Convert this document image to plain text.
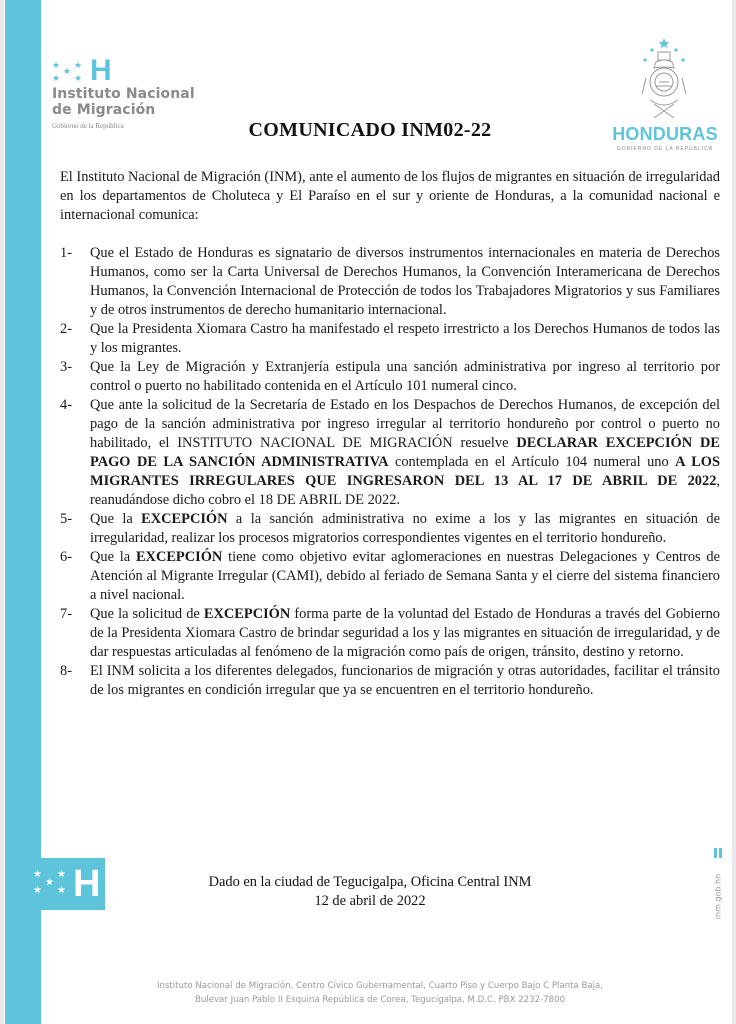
★ ★
★
★ ★ H
Instituto Nacional
de Migración
Gobierno de la República	HONDURAS
GOBIERNO DE LA REPÚBLICA
COMUNICADO INM02-22

El Instituto Nacional de Migración (INM), ante el aumento de los flujos de migrantes en situación de irregularidad en los departamentos de Choluteca y El Paraíso en el sur y oriente de Honduras, a la comunidad nacional e internacional comunica:

1- Que el Estado de Honduras es signatario de diversos instrumentos internacionales en materia de Derechos Humanos, como ser la Carta Universal de Derechos Humanos, la Convención Interamericana de Derechos Humanos, la Convención Internacional de Protección de todos los Trabajadores Migratorios y sus Familiares y de otros instrumentos de derecho humanitario internacional.
2- Que la Presidenta Xiomara Castro ha manifestado el respeto irrestricto a los Derechos Humanos de todos las y los migrantes.
3- Que la Ley de Migración y Extranjería estipula una sanción administrativa por ingreso al territorio por control o puerto no habilitado contenida en el Artículo 101 numeral cinco.
4- Que ante la solicitud de la Secretaría de Estado en los Despachos de Derechos Humanos, de excepción del pago de la sanción administrativa por ingreso irregular al territorio hondureño por control o puerto no habilitado, el INSTITUTO NACIONAL DE MIGRACIÓN resuelve DECLARAR EXCEPCIÓN DE PAGO DE LA SANCIÓN ADMINISTRATIVA contemplada en el Artículo 104 numeral uno A LOS MIGRANTES IRREGULARES QUE INGRESARON DEL 13 AL 17 DE ABRIL DE 2022, reanudándose dicho cobro el 18 DE ABRIL DE 2022.
5- Que la EXCEPCIÓN a la sanción administrativa no exime a los y las migrantes en situación de irregularidad, realizar los procesos migratorios correspondientes vigentes en el territorio hondureño.
6- Que la EXCEPCIÓN tiene como objetivo evitar aglomeraciones en nuestras Delegaciones y Centros de Atención al Migrante Irregular (CAMI), debido al feriado de Semana Santa y el cierre del sistema financiero a nivel nacional.
7- Que la solicitud de EXCEPCIÓN forma parte de la voluntad del Estado de Honduras a través del Gobierno de la Presidenta Xiomara Castro de brindar seguridad a los y las migrantes en situación de irregularidad, y de dar respuestas articuladas al fenómeno de la migración como país de origen, tránsito, destino y retorno.
8- El INM solicita a los diferentes delegados, funcionarios de migración y otras autoridades, facilitar el tránsito de los migrantes en condición irregular que ya se encuentren en el territorio hondureño.
Dado en la ciudad de Tegucigalpa, Oficina Central INM
12 de abril de 2022
★ ★
★
★ ★ H	inm.gob.hn
Instituto Nacional de Migración, Centro Cívico Gubernamental, Cuarto Piso y Cuerpo Bajo C Planta Baja,
Bulevar Juan Pablo II Esquina República de Corea, Tegucigalpa, M.D.C. PBX 2232-7800
